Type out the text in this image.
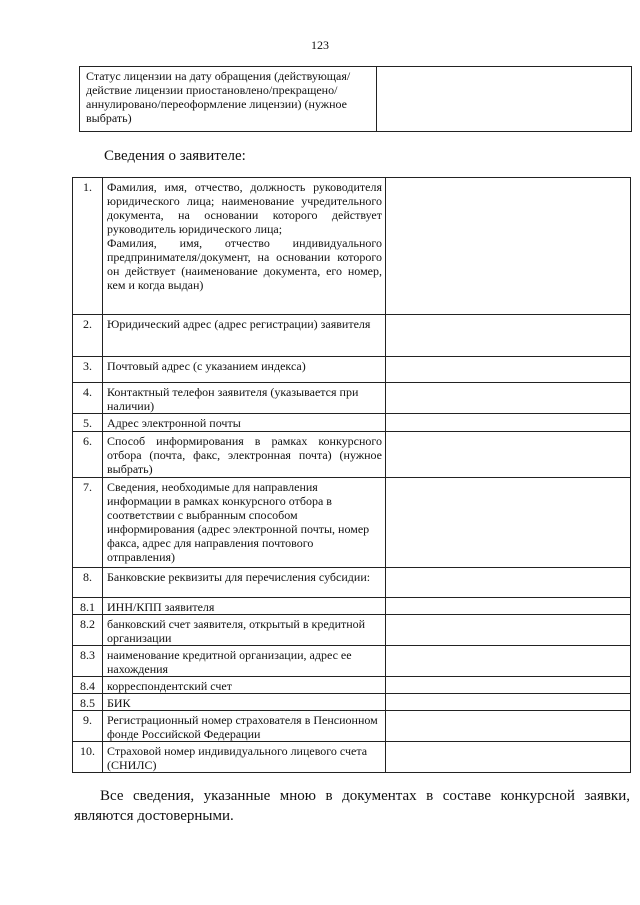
123
Статус лицензии на дату обращения (действующая/действие лицензии приостановлено/прекращено/аннулировано/переоформление лицензии) (нужное выбрать)	
Сведения о заявителе:
1.	Фамилия, имя, отчество, должность руководителя юридического лица; наименование учредительного документа, на основании которого действует руководитель юридического лица;
Фамилия, имя, отчество индивидуального предпринимателя/документ, на основании которого он действует (наименование документа, его номер, кем и когда выдан)	

2.	Юридический адрес (адрес регистрации) заявителя	
3.	Почтовый адрес (с указанием индекса)	
4.	Контактный телефон заявителя (указывается при наличии)	
5.	Адрес электронной почты	
6.	Способ информирования в рамках конкурсного отбора (почта, факс, электронная почта) (нужное выбрать)	
7.	Сведения, необходимые для направления информации в рамках конкурсного отбора в соответствии с выбранным способом информирования (адрес электронной почты, номер факса, адрес для направления почтового отправления)	
8.	Банковские реквизиты для перечисления субсидии:	
8.1	ИНН/КПП заявителя	
8.2	банковский счет заявителя, открытый в кредитной организации	
8.3	наименование кредитной организации, адрес ее нахождения	
8.4	корреспондентский счет	
8.5	БИК	
9.	Регистрационный номер страхователя в Пенсионном фонде Российской Федерации	
10.	Страховой номер индивидуального лицевого счета (СНИЛС)	
Все сведения, указанные мною в документах в составе конкурсной заявки, являются достоверными.
